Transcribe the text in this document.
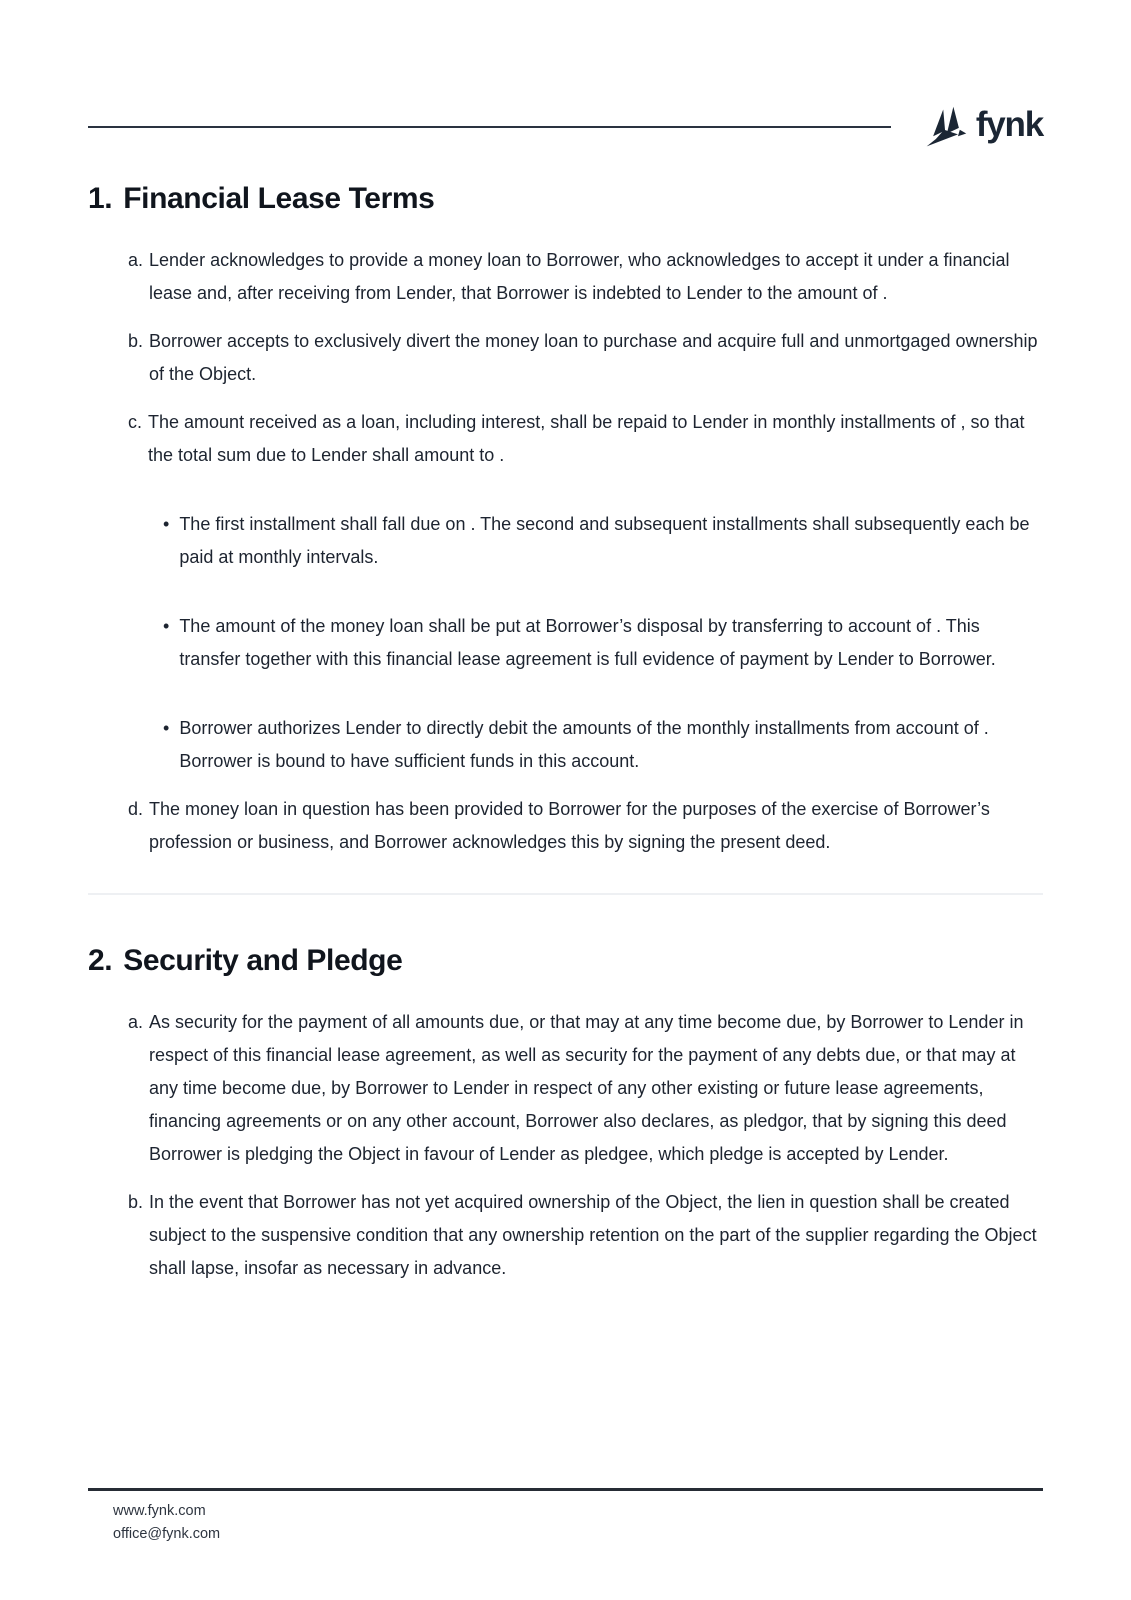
fynk
1. Financial Lease Terms
a. Lender acknowledges to provide a money loan to Borrower, who acknowledges to accept it under a financial lease and, after receiving from Lender, that Borrower is indebted to Lender to the amount of .
b. Borrower accepts to exclusively divert the money loan to purchase and acquire full and unmortgaged ownership of the Object.
c. The amount received as a loan, including interest, shall be repaid to Lender in monthly installments of , so that the total sum due to Lender shall amount to .
• The first installment shall fall due on . The second and subsequent installments shall subsequently each be paid at monthly intervals.
• The amount of the money loan shall be put at Borrower’s disposal by transferring to account of . This transfer together with this financial lease agreement is full evidence of payment by Lender to Borrower.
• Borrower authorizes Lender to directly debit the amounts of the monthly installments from account of . Borrower is bound to have sufficient funds in this account.
d. The money loan in question has been provided to Borrower for the purposes of the exercise of Borrower’s profession or business, and Borrower acknowledges this by signing the present deed.
2. Security and Pledge
a. As security for the payment of all amounts due, or that may at any time become due, by Borrower to Lender in respect of this financial lease agreement, as well as security for the payment of any debts due, or that may at any time become due, by Borrower to Lender in respect of any other existing or future lease agreements, financing agreements or on any other account, Borrower also declares, as pledgor, that by signing this deed Borrower is pledging the Object in favour of Lender as pledgee, which pledge is accepted by Lender.
b. In the event that Borrower has not yet acquired ownership of the Object, the lien in question shall be created subject to the suspensive condition that any ownership retention on the part of the supplier regarding the Object shall lapse, insofar as necessary in advance.
www.fynk.com
office@fynk.com
